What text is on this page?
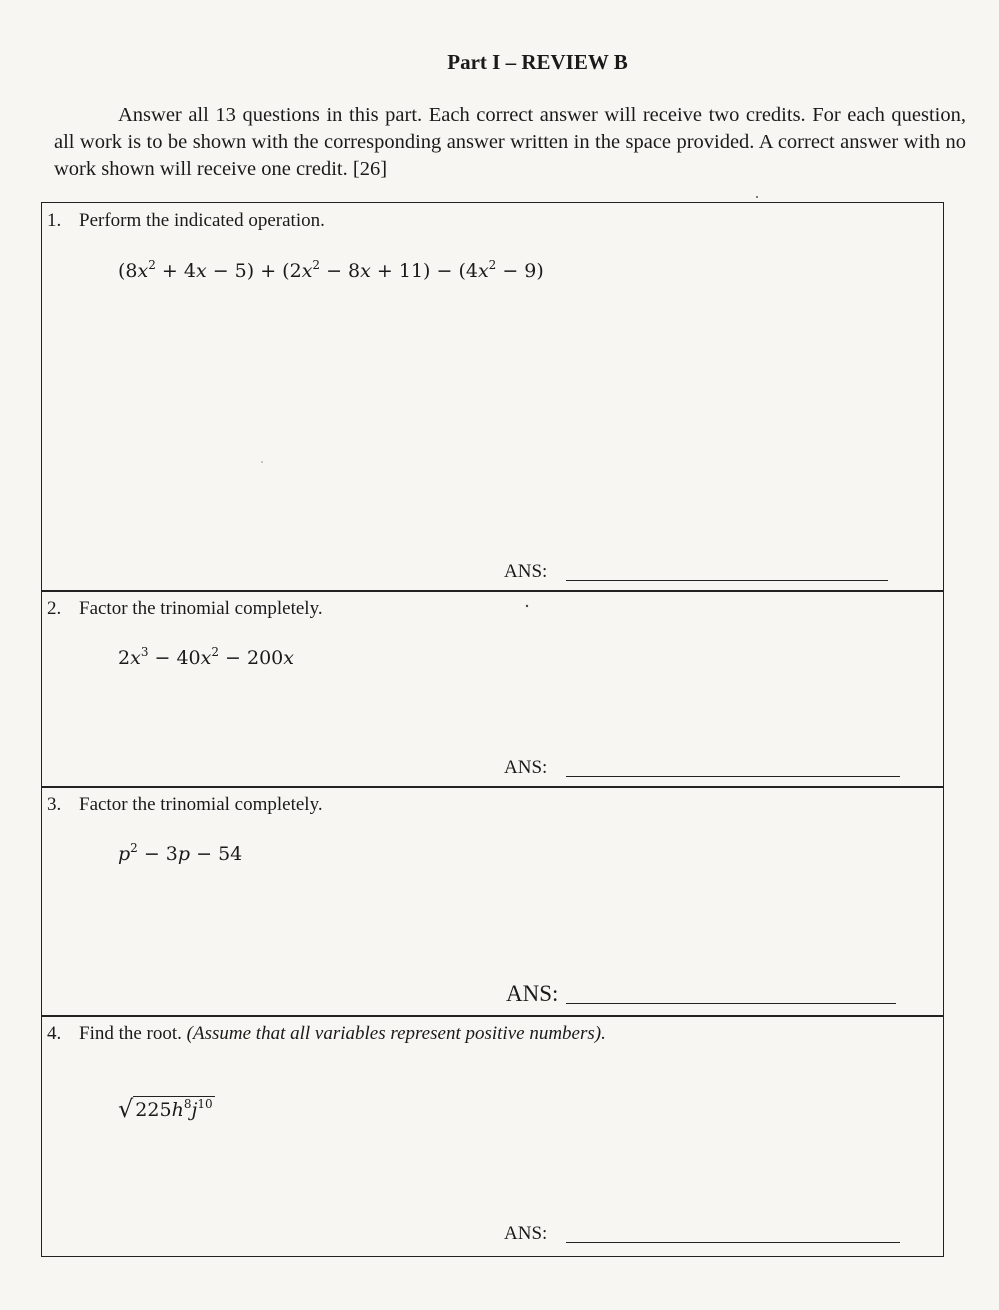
Part I – REVIEW B
Answer all 13 questions in this part. Each correct answer will receive two credits. For each question, all work is to be shown with the corresponding answer written in the space provided. A correct answer with no work shown will receive one credit. [26]
1. Perform the indicated operation.
$(8x^2 + 4x - 5) + (2x^2 - 8x + 11) - (4x^2 - 9)$
ANS:
2. Factor the trinomial completely.
$2x^3 - 40x^2 - 200x$
ANS:
3. Factor the trinomial completely.
$p^2 - 3p - 54$
ANS:
4. Find the root. (Assume that all variables represent positive numbers).
√ $225h^8j^{10}$
ANS:
